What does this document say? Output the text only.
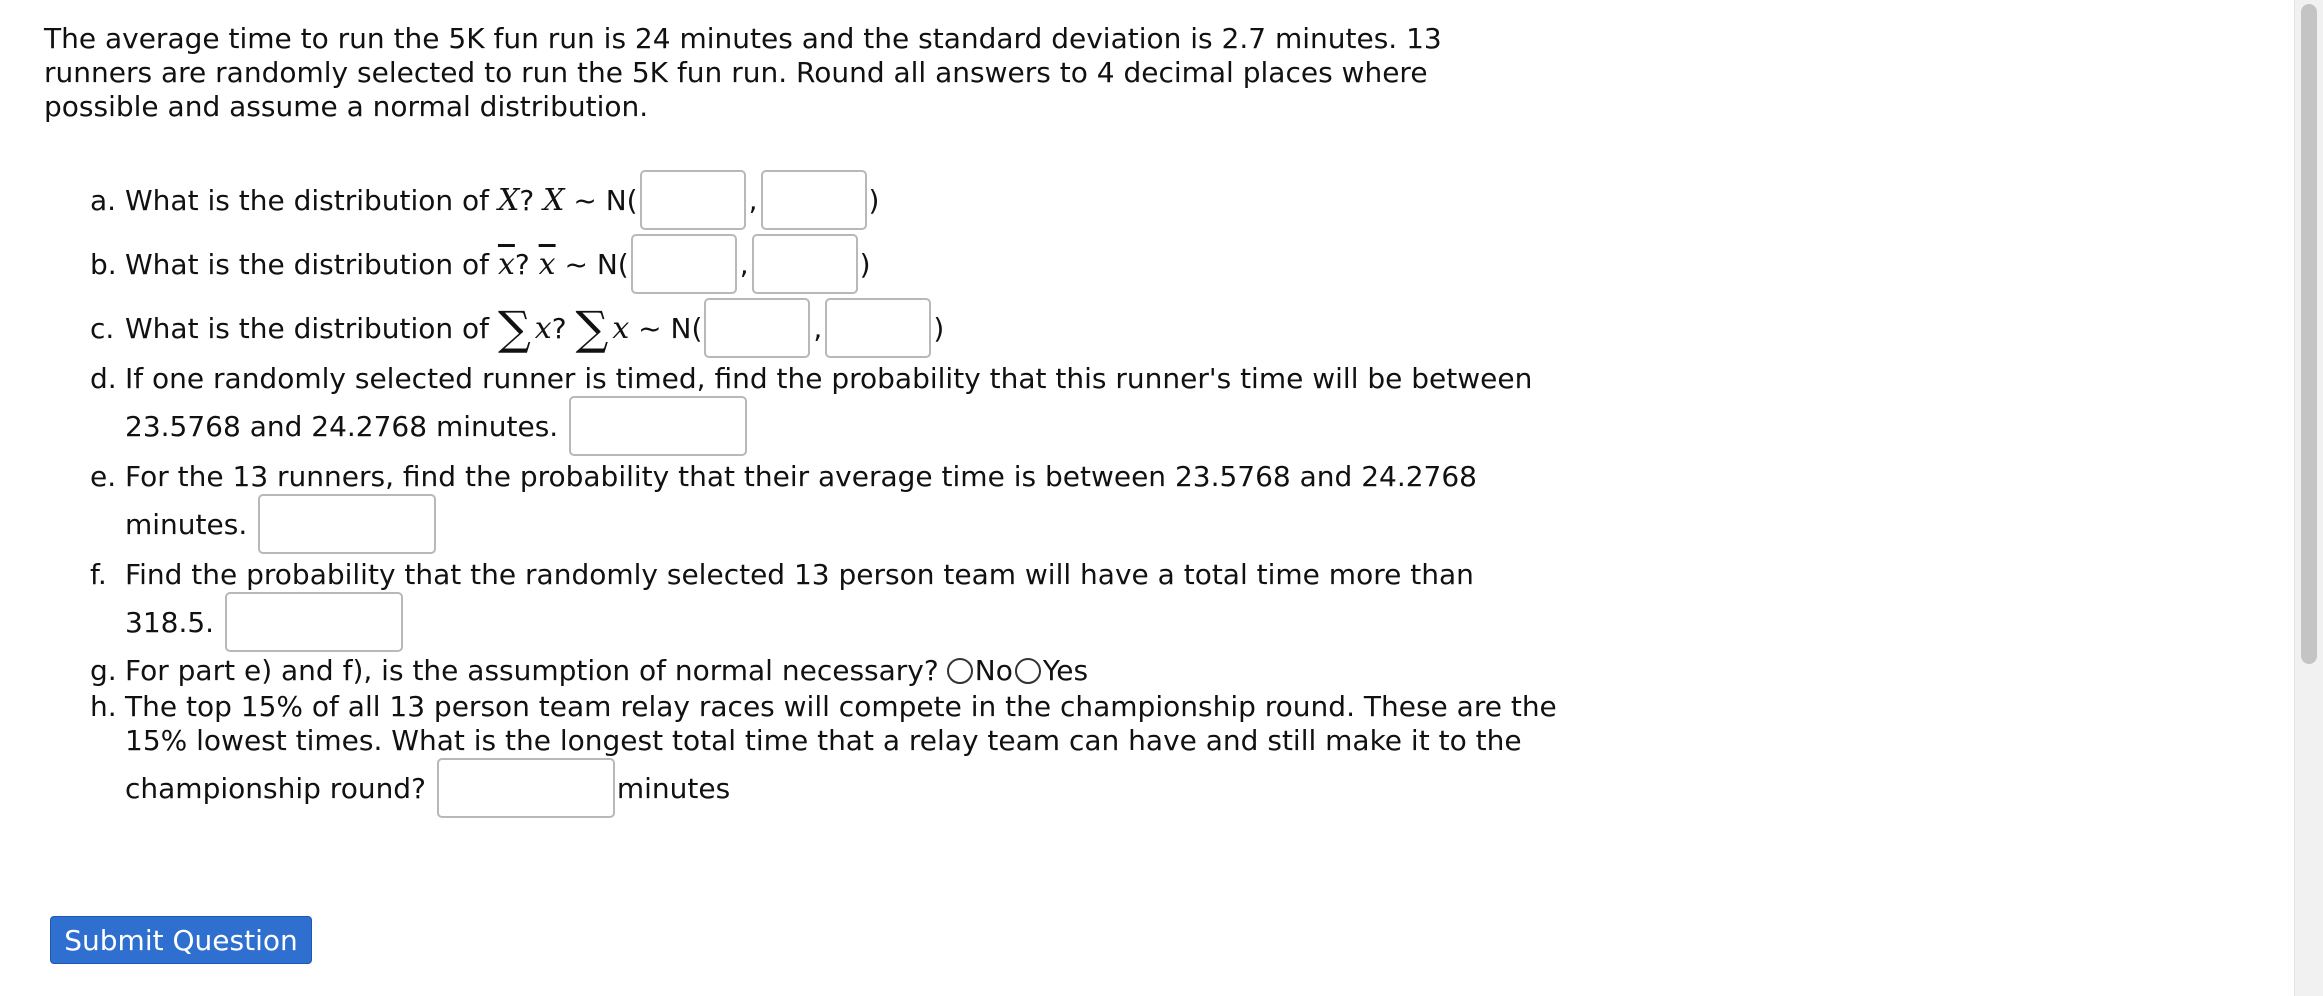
The average time to run the 5K fun run is 24 minutes and the standard deviation is 2.7 minutes. 13 runners are randomly selected to run the 5K fun run. Round all answers to 4 decimal places where possible and assume a normal distribution.

a. What is the distribution of
X ?
X
~ N(	,	)
b. What is the distribution of
$\overline{x}$ ?
$\overline{x}$
~ N(	,	)
c. What is the distribution of
∑ x ?
∑ x
~ N(	,	)
d. If one randomly selected runner is timed, find the probability that this runner's time will be between
23.5768 and 24.2768 minutes.

e. For the 13 runners, find the probability that their average time is between 23.5768 and 24.2768
minutes.

f. Find the probability that the randomly selected 13 person team will have a total time more than
318.5.

g. For part e) and f), is the assumption of normal necessary? No Yes
h. The top 15% of all 13 person team relay races will compete in the championship round. These are the
15% lowest times. What is the longest total time that a relay team can have and still make it to the
championship round?
	minutes
Submit Question
